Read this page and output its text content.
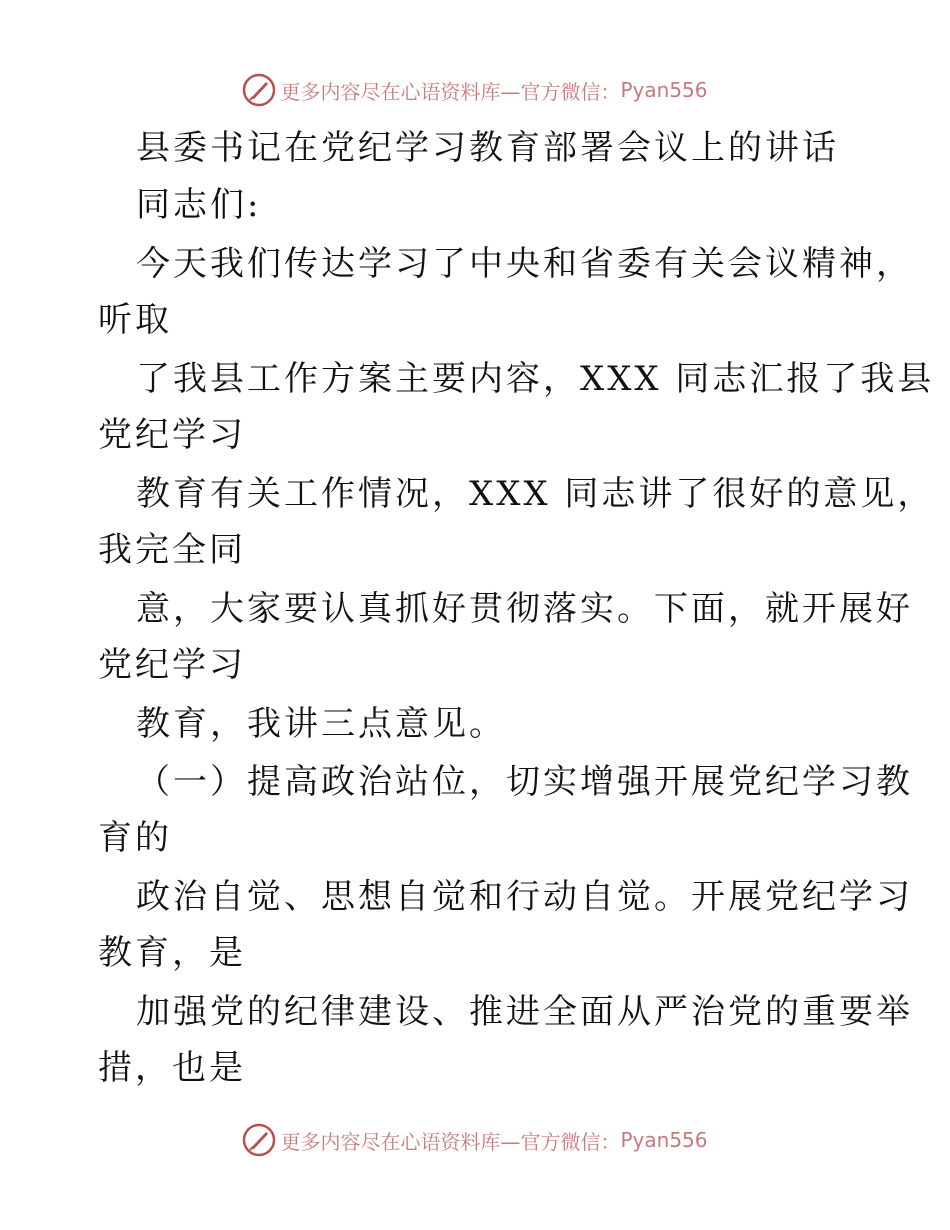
更多内容尽在心语资料库—官方微信： Pyan556
县委书记在党纪学习教育部署会议上的讲话
同志们:
今天我们传达学习了中央和省委有关会议精神，
听取
了我县工作方案主要内容，XXX 同志汇报了我县
党纪学习
教育有关工作情况，XXX 同志讲了很好的意见，
我完全同
意，大家要认真抓好贯彻落实。下面，就开展好
党纪学习
教育，我讲三点意见。
（一）提高政治站位，切实增强开展党纪学习教
育的
政治自觉、思想自觉和行动自觉。开展党纪学习
教育，是
加强党的纪律建设、推进全面从严治党的重要举
措，也是
更多内容尽在心语资料库—官方微信： Pyan556
